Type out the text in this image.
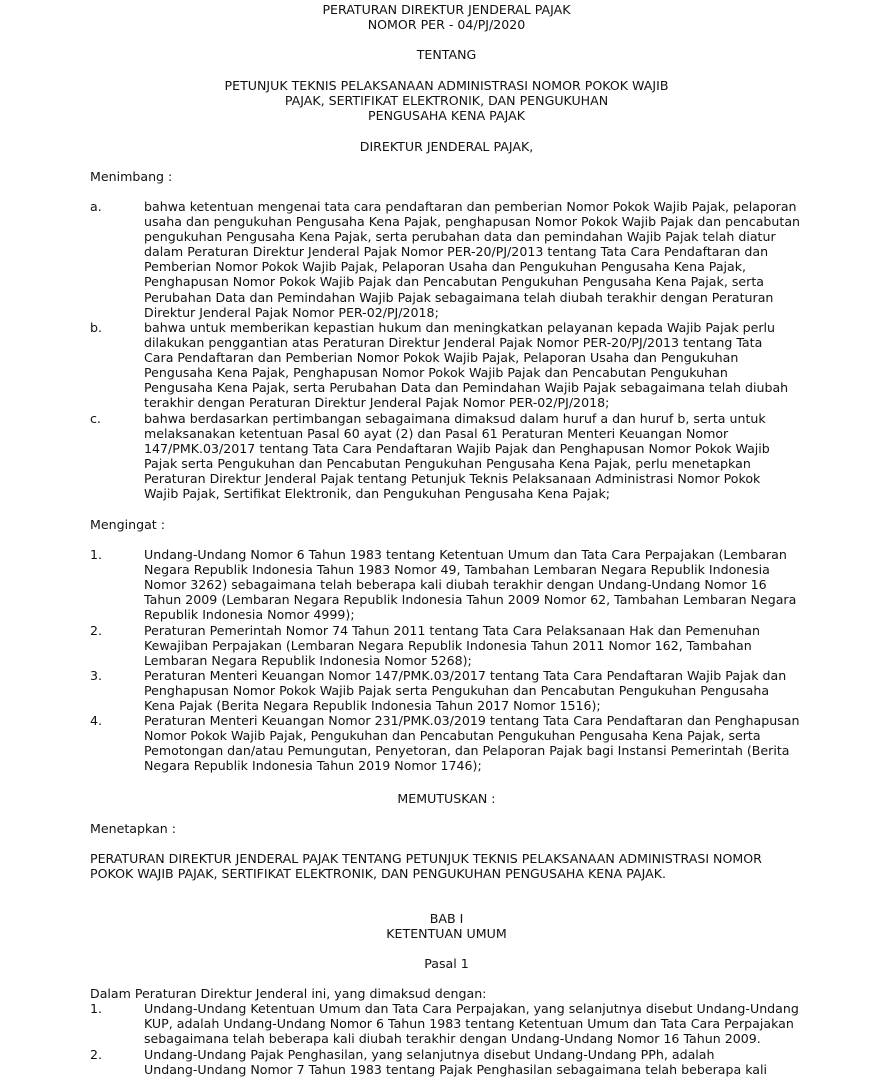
PERATURAN DIREKTUR JENDERAL PAJAK
NOMOR PER - 04/PJ/2020
TENTANG
PETUNJUK TEKNIS PELAKSANAAN ADMINISTRASI NOMOR POKOK WAJIB
PAJAK, SERTIFIKAT ELEKTRONIK, DAN PENGUKUHAN
PENGUSAHA KENA PAJAK
DIREKTUR JENDERAL PAJAK,
Menimbang :
a.	bahwa ketentuan mengenai tata cara pendaftaran dan pemberian Nomor Pokok Wajib Pajak, pelaporan
usaha dan pengukuhan Pengusaha Kena Pajak, penghapusan Nomor Pokok Wajib Pajak dan pencabutan
pengukuhan Pengusaha Kena Pajak, serta perubahan data dan pemindahan Wajib Pajak telah diatur
dalam Peraturan Direktur Jenderal Pajak Nomor PER-20/PJ/2013 tentang Tata Cara Pendaftaran dan
Pemberian Nomor Pokok Wajib Pajak, Pelaporan Usaha dan Pengukuhan Pengusaha Kena Pajak,
Penghapusan Nomor Pokok Wajib Pajak dan Pencabutan Pengukuhan Pengusaha Kena Pajak, serta
Perubahan Data dan Pemindahan Wajib Pajak sebagaimana telah diubah terakhir dengan Peraturan
Direktur Jenderal Pajak Nomor PER-02/PJ/2018;
b.	bahwa untuk memberikan kepastian hukum dan meningkatkan pelayanan kepada Wajib Pajak perlu
dilakukan penggantian atas Peraturan Direktur Jenderal Pajak Nomor PER-20/PJ/2013 tentang Tata
Cara Pendaftaran dan Pemberian Nomor Pokok Wajib Pajak, Pelaporan Usaha dan Pengukuhan
Pengusaha Kena Pajak, Penghapusan Nomor Pokok Wajib Pajak dan Pencabutan Pengukuhan
Pengusaha Kena Pajak, serta Perubahan Data dan Pemindahan Wajib Pajak sebagaimana telah diubah
terakhir dengan Peraturan Direktur Jenderal Pajak Nomor PER-02/PJ/2018;
c.	bahwa berdasarkan pertimbangan sebagaimana dimaksud dalam huruf a dan huruf b, serta untuk
melaksanakan ketentuan Pasal 60 ayat (2) dan Pasal 61 Peraturan Menteri Keuangan Nomor
147/PMK.03/2017 tentang Tata Cara Pendaftaran Wajib Pajak dan Penghapusan Nomor Pokok Wajib
Pajak serta Pengukuhan dan Pencabutan Pengukuhan Pengusaha Kena Pajak, perlu menetapkan
Peraturan Direktur Jenderal Pajak tentang Petunjuk Teknis Pelaksanaan Administrasi Nomor Pokok
Wajib Pajak, Sertifikat Elektronik, dan Pengukuhan Pengusaha Kena Pajak;
Mengingat :
1.	Undang-Undang Nomor 6 Tahun 1983 tentang Ketentuan Umum dan Tata Cara Perpajakan (Lembaran
Negara Republik Indonesia Tahun 1983 Nomor 49, Tambahan Lembaran Negara Republik Indonesia
Nomor 3262) sebagaimana telah beberapa kali diubah terakhir dengan Undang-Undang Nomor 16
Tahun 2009 (Lembaran Negara Republik Indonesia Tahun 2009 Nomor 62, Tambahan Lembaran Negara
Republik Indonesia Nomor 4999);
2.	Peraturan Pemerintah Nomor 74 Tahun 2011 tentang Tata Cara Pelaksanaan Hak dan Pemenuhan
Kewajiban Perpajakan (Lembaran Negara Republik Indonesia Tahun 2011 Nomor 162, Tambahan
Lembaran Negara Republik Indonesia Nomor 5268);
3.	Peraturan Menteri Keuangan Nomor 147/PMK.03/2017 tentang Tata Cara Pendaftaran Wajib Pajak dan
Penghapusan Nomor Pokok Wajib Pajak serta Pengukuhan dan Pencabutan Pengukuhan Pengusaha
Kena Pajak (Berita Negara Republik Indonesia Tahun 2017 Nomor 1516);
4.	Peraturan Menteri Keuangan Nomor 231/PMK.03/2019 tentang Tata Cara Pendaftaran dan Penghapusan
Nomor Pokok Wajib Pajak, Pengukuhan dan Pencabutan Pengukuhan Pengusaha Kena Pajak, serta
Pemotongan dan/atau Pemungutan, Penyetoran, dan Pelaporan Pajak bagi Instansi Pemerintah (Berita
Negara Republik Indonesia Tahun 2019 Nomor 1746);
MEMUTUSKAN :
Menetapkan :
PERATURAN DIREKTUR JENDERAL PAJAK TENTANG PETUNJUK TEKNIS PELAKSANAAN ADMINISTRASI NOMOR
POKOK WAJIB PAJAK, SERTIFIKAT ELEKTRONIK, DAN PENGUKUHAN PENGUSAHA KENA PAJAK.
BAB I
KETENTUAN UMUM
Pasal 1
Dalam Peraturan Direktur Jenderal ini, yang dimaksud dengan:
1.	Undang-Undang Ketentuan Umum dan Tata Cara Perpajakan, yang selanjutnya disebut Undang-Undang
KUP, adalah Undang-Undang Nomor 6 Tahun 1983 tentang Ketentuan Umum dan Tata Cara Perpajakan
sebagaimana telah beberapa kali diubah terakhir dengan Undang-Undang Nomor 16 Tahun 2009.
2.	Undang-Undang Pajak Penghasilan, yang selanjutnya disebut Undang-Undang PPh, adalah
Undang-Undang Nomor 7 Tahun 1983 tentang Pajak Penghasilan sebagaimana telah beberapa kali
